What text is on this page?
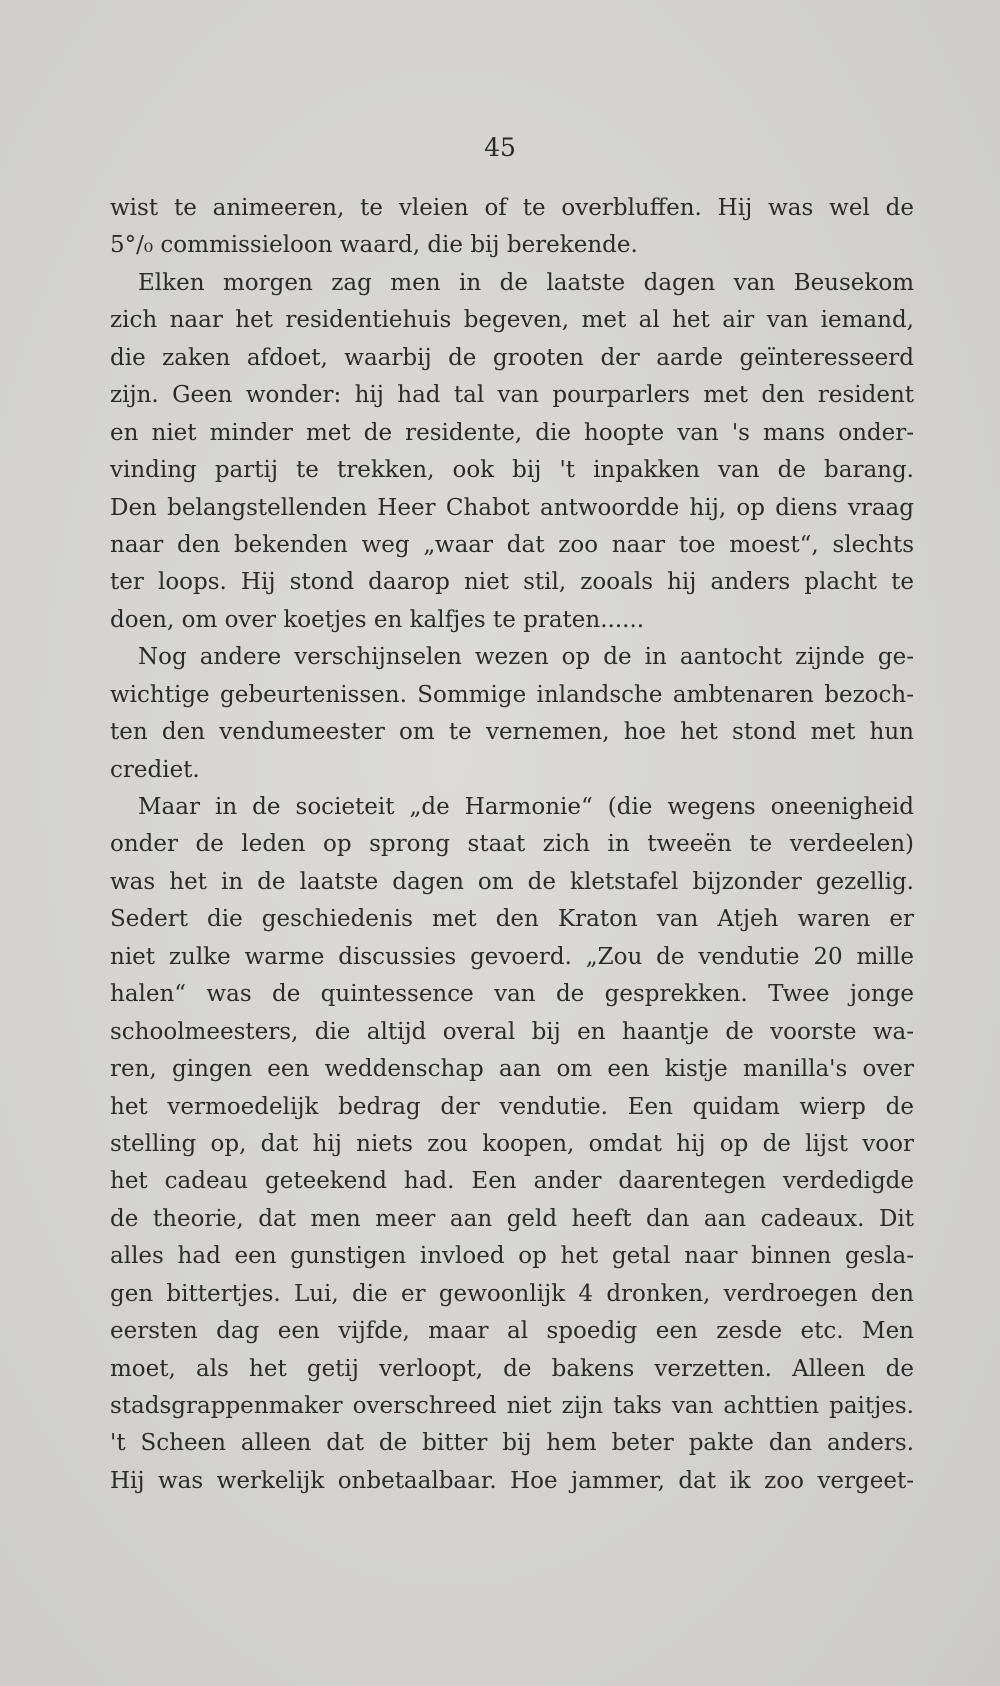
45
wist te animeeren, te vleien of te overbluffen. Hij was wel de
5°/₀ commissieloon waard, die bij berekende.
Elken morgen zag men in de laatste dagen van Beusekom
zich naar het residentiehuis begeven, met al het air van iemand,
die zaken afdoet, waarbij de grooten der aarde geïnteresseerd
zijn. Geen wonder: hij had tal van pourparlers met den resident
en niet minder met de residente, die hoopte van 's mans onder-
vinding partij te trekken, ook bij 't inpakken van de barang.
Den belangstellenden Heer Chabot antwoordde hij, op diens vraag
naar den bekenden weg „waar dat zoo naar toe moest“, slechts
ter loops. Hij stond daarop niet stil, zooals hij anders placht te
doen, om over koetjes en kalfjes te praten......
Nog andere verschijnselen wezen op de in aantocht zijnde ge-
wichtige gebeurtenissen. Sommige inlandsche ambtenaren bezoch-
ten den vendumeester om te vernemen, hoe het stond met hun
crediet.
Maar in de societeit „de Harmonie“ (die wegens oneenigheid
onder de leden op sprong staat zich in tweeën te verdeelen)
was het in de laatste dagen om de kletstafel bijzonder gezellig.
Sedert die geschiedenis met den Kraton van Atjeh waren er
niet zulke warme discussies gevoerd. „Zou de vendutie 20 mille
halen“ was de quintessence van de gesprekken. Twee jonge
schoolmeesters, die altijd overal bij en haantje de voorste wa-
ren, gingen een weddenschap aan om een kistje manilla's over
het vermoedelijk bedrag der vendutie. Een quidam wierp de
stelling op, dat hij niets zou koopen, omdat hij op de lijst voor
het cadeau geteekend had. Een ander daarentegen verdedigde
de theorie, dat men meer aan geld heeft dan aan cadeaux. Dit
alles had een gunstigen invloed op het getal naar binnen gesla-
gen bittertjes. Lui, die er gewoonlijk 4 dronken, verdroegen den
eersten dag een vijfde, maar al spoedig een zesde etc. Men
moet, als het getij verloopt, de bakens verzetten. Alleen de
stadsgrappenmaker overschreed niet zijn taks van achttien paitjes.
't Scheen alleen dat de bitter bij hem beter pakte dan anders.
Hij was werkelijk onbetaalbaar. Hoe jammer, dat ik zoo vergeet-
